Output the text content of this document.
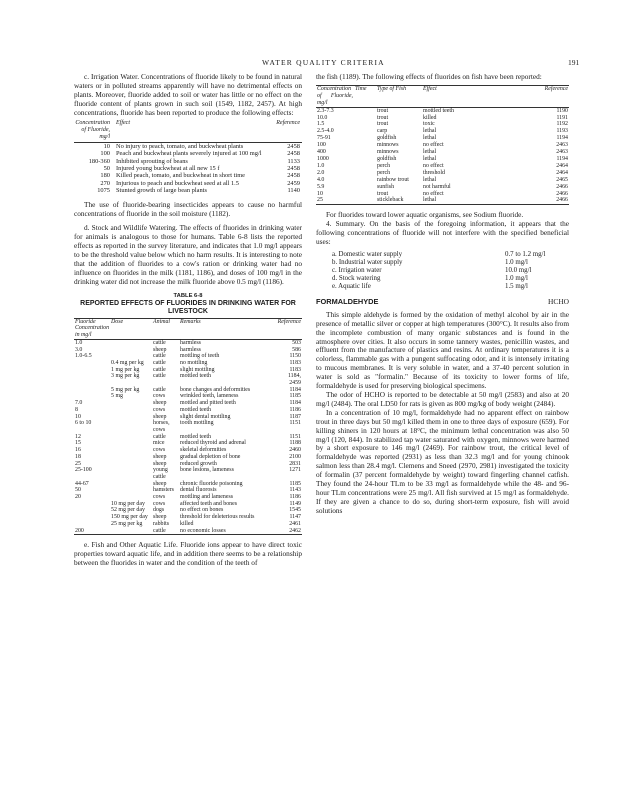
WATER QUALITY CRITERIA	191

c. Irrigation Water. Concentrations of fluoride likely to be found in natural waters or in polluted streams apparently will have no detrimental effects on plants. Moreover, fluoride added to soil or water has little or no effect on the fluoride content of plants grown in such soil (1549, 1182, 2457). At high concentrations, fluoride has been reported to produce the following effects:

Concentration of Fluoride, mg/l	Effect	Reference
10	No injury to peach, tomato, and buckwheat plants	2458
100	Peach and buckwheat plants severely injured at 100 mg/l	2458
180-360	Inhibited sprouting of beans	1133
50	Injured young buckwheat at all new 15 f	2458
180	Killed peach, tomato, and buckwheat in short time	2458
270	Injurious to peach and buckwheat seed at all 1.5	2459
1075	Stunted growth of large bean plants	1140

The use of fluoride-bearing insecticides appears to cause no harmful concentrations of fluoride in the soil moisture (1182).

d. Stock and Wildlife Watering. The effects of fluorides in drinking water for animals is analogous to those for humans. Table 6-8 lists the reported effects as reported in the survey literature, and indicates that 1.0 mg/l appears to be the threshold value below which no harm results. It is interesting to note that the addition of fluorides to a cow's ration or drinking water had no influence on fluorides in the milk (1181, 1186), and doses of 100 mg/l in the drinking water did not increase the milk fluoride above 0.5 mg/l (1186).

TABLE 6-8
REPORTED EFFECTS OF FLUORIDES IN DRINKING WATER FOR LIVESTOCK
Fluoride Concentration in mg/l	Dose	Animal	Remarks	Reference
1.0		cattle	harmless	503
3.0		sheep	harmless	586
1.0-6.5		cattle	mottling of teeth	1150
	0.4 mg per kg	cattle	no mottling	1183
	1 mg per kg	cattle	slight mottling	1183
	3 mg per kg	cattle	mottled teeth	1184, 2459
	5 mg per kg	cattle	bone changes and deformities	1184
	5 mg	cows	wrinkled teeth, lameness	1185
7.0		sheep	mottled and pitted teeth	1184
8		cows	mottled teeth	1186
10		sheep	slight dental mottling	1187
6 to 10		horses, cows	tooth mottling	1151
12		cattle	mottled teeth	1151
15		mice	reduced thyroid and adrenal	1188
16		cows	skeletal deformities	2460
18		sheep	gradual depletion of bone	2100
25		sheep	reduced growth	2831
25-100		young cattle	bone lesions, lameness	1271
44-67		sheep	chronic fluoride poisoning	1185
50		hamsters	dental fluorosis	1143
20		cows	mottling and lameness	1186
	10 mg per day	cows	affected teeth and bones	1149
	52 mg per day	dogs	no effect on bones	1545
	150 mg per day	sheep	threshold for deleterious results	1147
	25 mg per kg	rabbits	killed	2461
200		cattle	no economic losses	2462

e. Fish and Other Aquatic Life. Fluoride ions appear to have direct toxic properties toward aquatic life, and in addition there seems to be a relationship between the fluorides in water and the condition of the teeth of

the fish (1189). The following effects of fluorides on fish have been reported:

Concentration of Fluoride, mg/l	Time	Type of Fish	Effect	Reference
2.3-7.3		trout	mottled teeth	1190
10.0		trout	killed	1191
1.5		trout	toxic	1192
2.5-4.0		carp	lethal	1193
75-91		goldfish	lethal	1194
100		minnows	no effect	2463
400		minnows	lethal	2463
1000		goldfish	lethal	1194
1.0		perch	no effect	2464
2.0		perch	threshold	2464
4.0		rainbow trout	lethal	2465
5.9		sunfish	not harmful	2466
10		trout	no effect	2466
25		stickleback	lethal	2466

For fluorides toward lower aquatic organisms, see Sodium fluoride.

4. Summary. On the basis of the foregoing information, it appears that the following concentrations of fluoride will not interfere with the specified beneficial uses:

a. Domestic water supply	0.7 to 1.2 mg/l
b. Industrial water supply	1.0 mg/l
c. Irrigation water	10.0 mg/l
d. Stock watering	1.0 mg/l
e. Aquatic life	1.5 mg/l
FORMALDEHYDE	HCHO

This simple aldehyde is formed by the oxidation of methyl alcohol by air in the presence of metallic silver or copper at high temperatures (300°C). It results also from the incomplete combustion of many organic substances and is found in the atmosphere over cities. It also occurs in some tannery wastes, penicillin wastes, and effluent from the manufacture of plastics and resins. At ordinary temperatures it is a colorless, flammable gas with a pungent suffocating odor, and it is intensely irritating to mucous membranes. It is very soluble in water, and a 37-40 percent solution in water is sold as "formalin." Because of its toxicity to lower forms of life, formaldehyde is used for preserving biological specimens.

The odor of HCHO is reported to be detectable at 50 mg/l (2583) and also at 20 mg/l (2484). The oral LD50 for rats is given as 800 mg/kg of body weight (2484).

In a concentration of 10 mg/l, formaldehyde had no apparent effect on rainbow trout in three days but 50 mg/l killed them in one to three days of exposure (659). For killing shiners in 120 hours at 18°C, the minimum lethal concentration was also 50 mg/l (120, 844). In stabilized tap water saturated with oxygen, minnows were harmed by a short exposure to 146 mg/l (2469). For rainbow trout, the critical level of formaldehyde was reported (2931) as less than 32.3 mg/l and for young chinook salmon less than 28.4 mg/l. Clemens and Sneed (2970, 2981) investigated the toxicity of formalin (37 percent formaldehyde by weight) toward fingerling channel catfish. They found the 24-hour TLm to be 33 mg/l as formaldehyde while the 48- and 96-hour TLm concentrations were 25 mg/l. All fish survived at 15 mg/l as formaldehyde. If they are given a chance to do so, during short-term exposure, fish will avoid solutions
